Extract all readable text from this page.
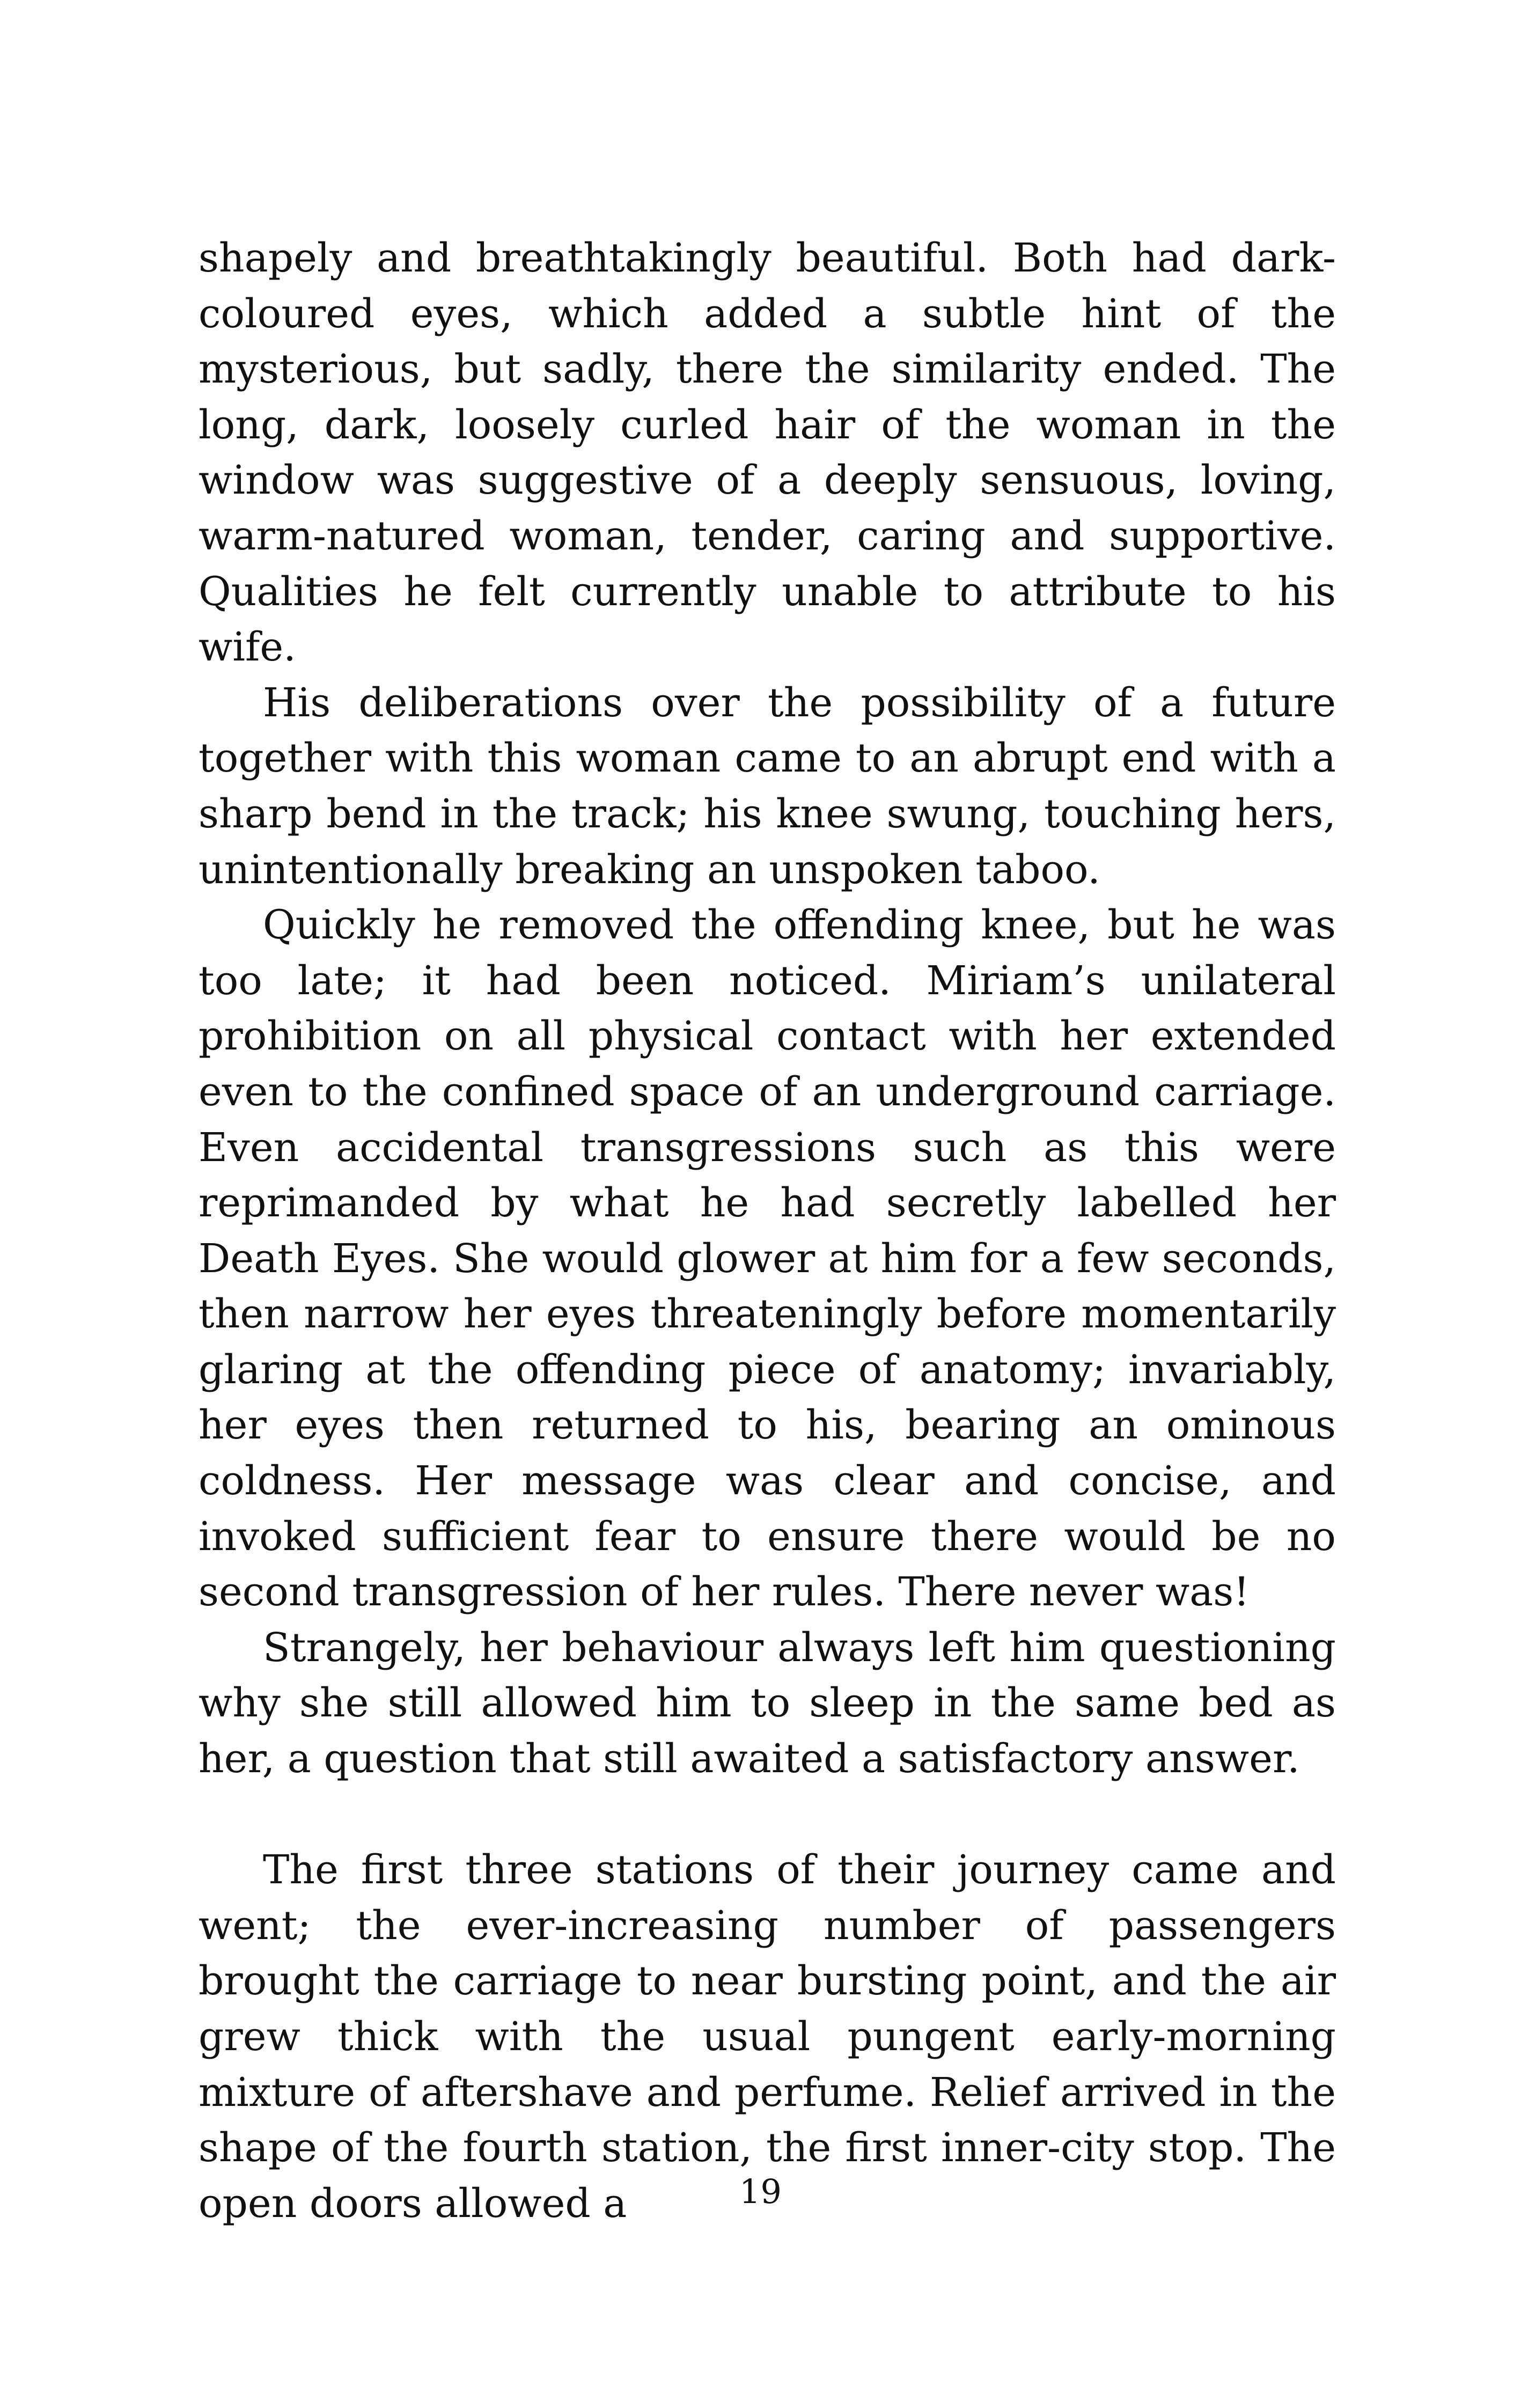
shapely and breathtakingly beautiful. Both had dark-coloured eyes, which added a subtle hint of the mysterious, but sadly, there the similarity ended. The long, dark, loosely curled hair of the woman in the window was suggestive of a deeply sensuous, loving, warm-natured woman, tender, caring and supportive. Qualities he felt currently unable to attribute to his wife.

His deliberations over the possibility of a future together with this woman came to an abrupt end with a sharp bend in the track; his knee swung, touching hers, unintentionally breaking an unspoken taboo.

Quickly he removed the offending knee, but he was too late; it had been noticed. Miriam’s unilateral prohibition on all physical contact with her extended even to the confined space of an underground carriage. Even accidental transgressions such as this were reprimanded by what he had secretly labelled her Death Eyes. She would glower at him for a few seconds, then narrow her eyes threateningly before momentarily glaring at the offending piece of anatomy; invariably, her eyes then returned to his, bearing an ominous coldness. Her message was clear and concise, and invoked sufficient fear to ensure there would be no second transgression of her rules. There never was!

Strangely, her behaviour always left him questioning why she still allowed him to sleep in the same bed as her, a question that still awaited a satisfactory answer.

The first three stations of their journey came and went; the ever-increasing number of passengers brought the carriage to near bursting point, and the air grew thick with the usual pungent early-morning mixture of aftershave and perfume. Relief arrived in the shape of the fourth station, the first inner-city stop. The open doors allowed a	19
